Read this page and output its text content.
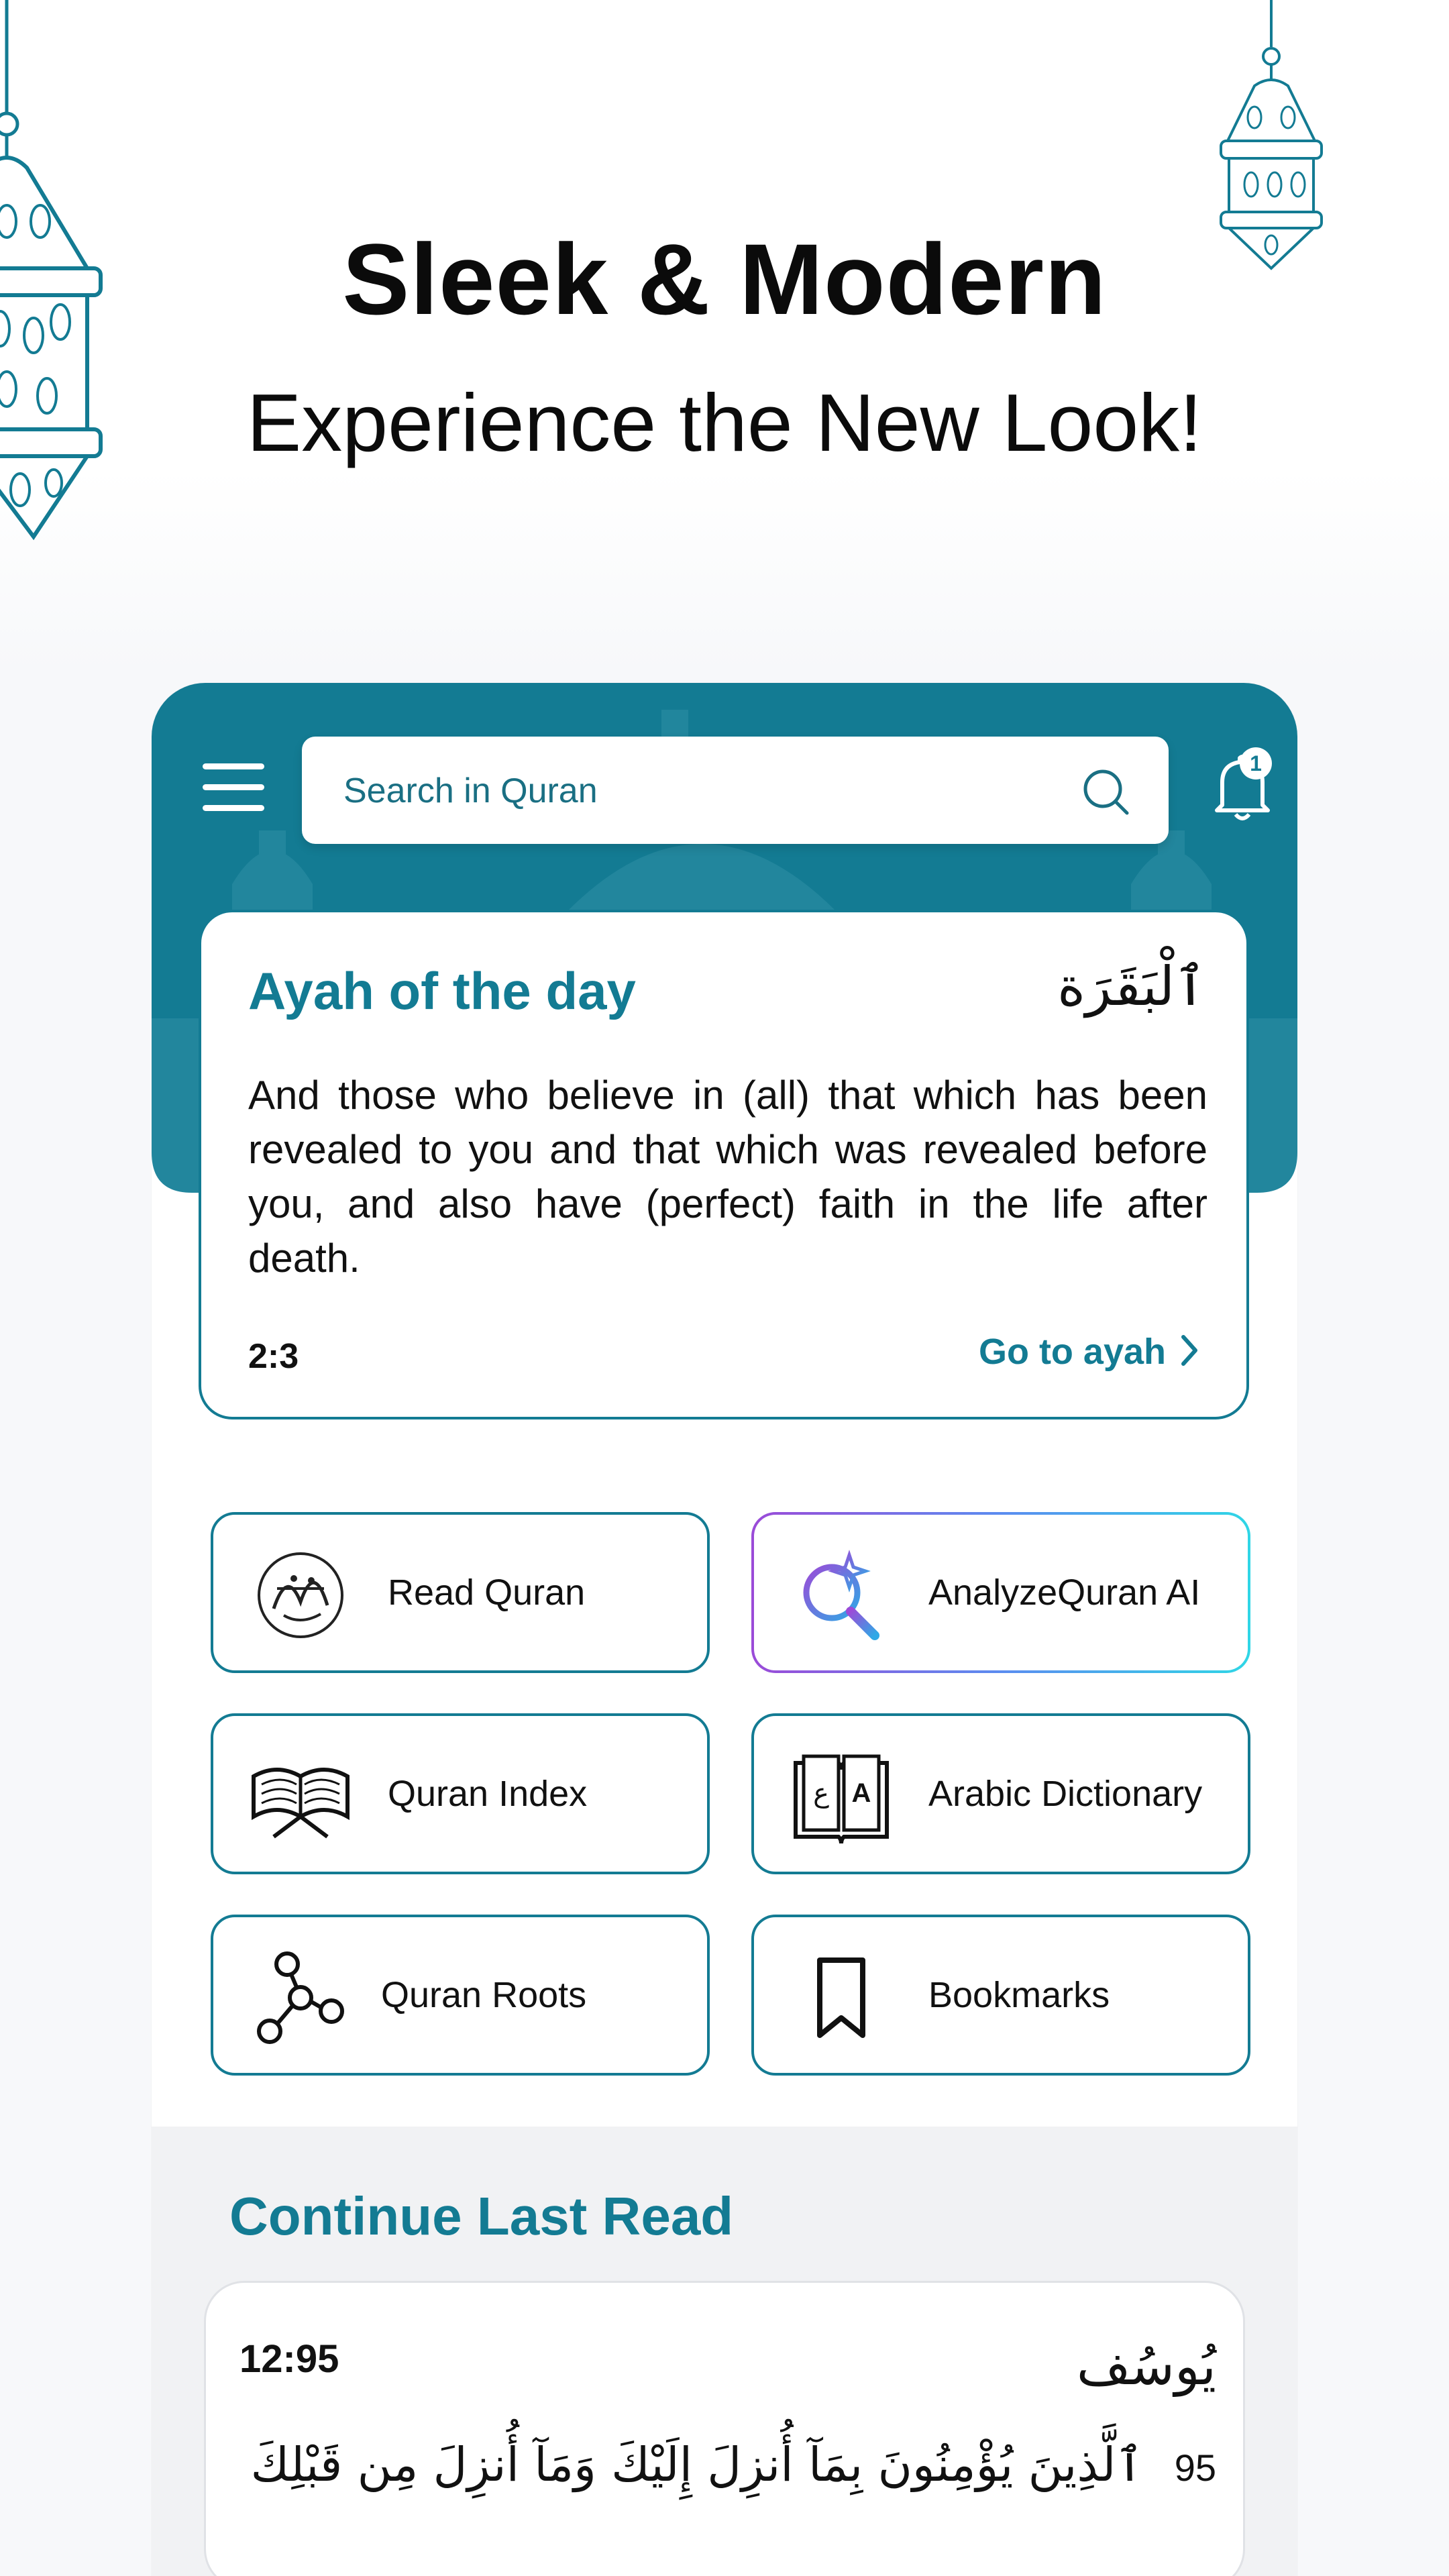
Sleek & Modern
Experience the New Look!
Search in Quran
1
Ayah of the day	ٱلْبَقَرَة

And those who believe in (all) that which has been revealed to you and that which was revealed before you, and also have (perfect) faith in the life after death.

2:3	Go to ayah
Read Quran	AnalyzeQuran AI
Quran Index	ع A Arabic Dictionary
Quran Roots	Bookmarks
Continue Last Read
12:95	يُوسُف
95 ٱلَّذِينَ يُؤْمِنُونَ بِمَآ أُنزِلَ إِلَيْكَ وَمَآ أُنزِلَ مِن قَبْلِكَ
